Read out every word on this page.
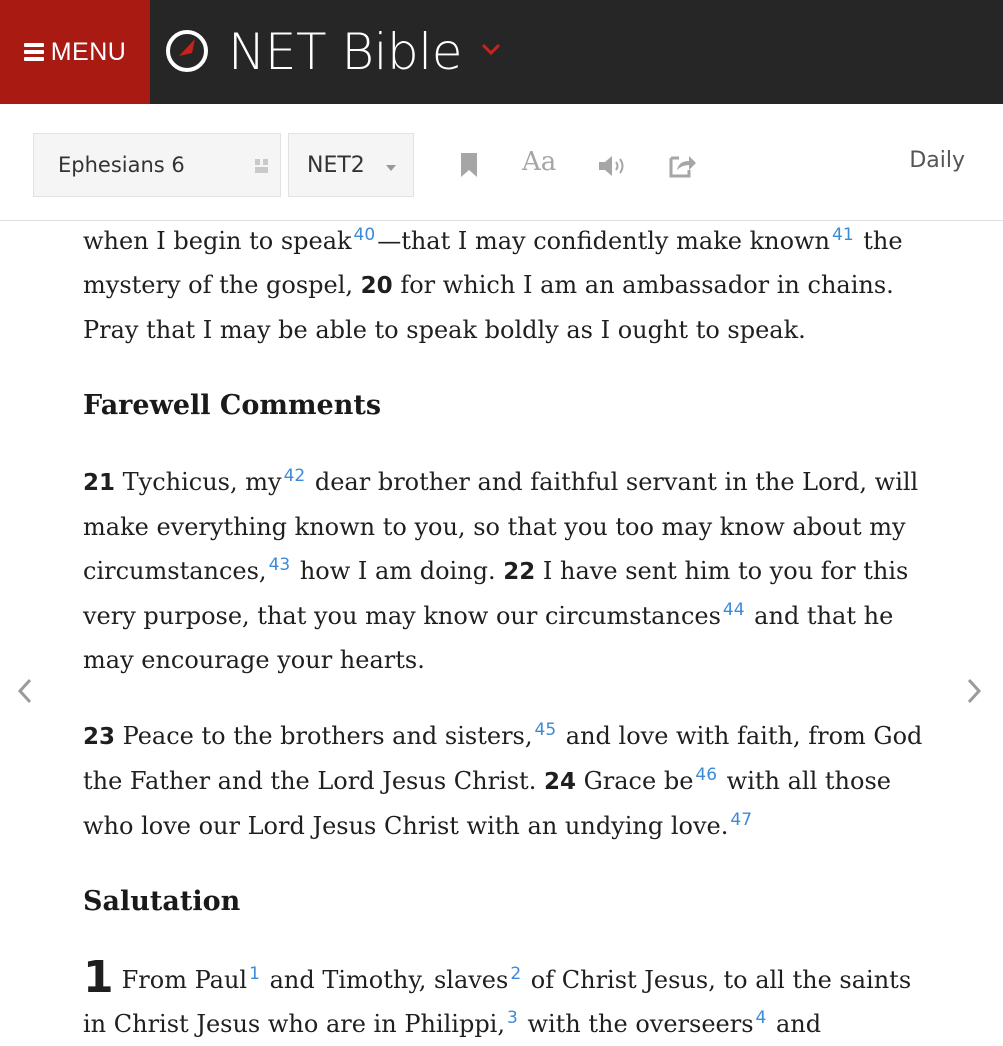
MENU NET Bible
Ephesians 6	NET2	Aa	Daily

when I begin to speak $^{40}$—that I may confidently make known $^{41}$ the mystery of the gospel, 20 for which I am an ambassador in chains. Pray that I may be able to speak boldly as I ought to speak.

Farewell Comments

21 Tychicus, my $^{42}$ dear brother and faithful servant in the Lord, will make everything known to you, so that you too may know about my circumstances, $^{43}$ how I am doing. 22 I have sent him to you for this very purpose, that you may know our circumstances $^{44}$ and that he may encourage your hearts.

23 Peace to the brothers and sisters, $^{45}$ and love with faith, from God the Father and the Lord Jesus Christ. 24 Grace be $^{46}$ with all those who love our Lord Jesus Christ with an undying love. $^{47}$

Salutation

1 From Paul $^1$ and Timothy, slaves $^2$ of Christ Jesus, to all the saints in Christ Jesus who are in Philippi, $^3$ with the overseers $^4$ and
